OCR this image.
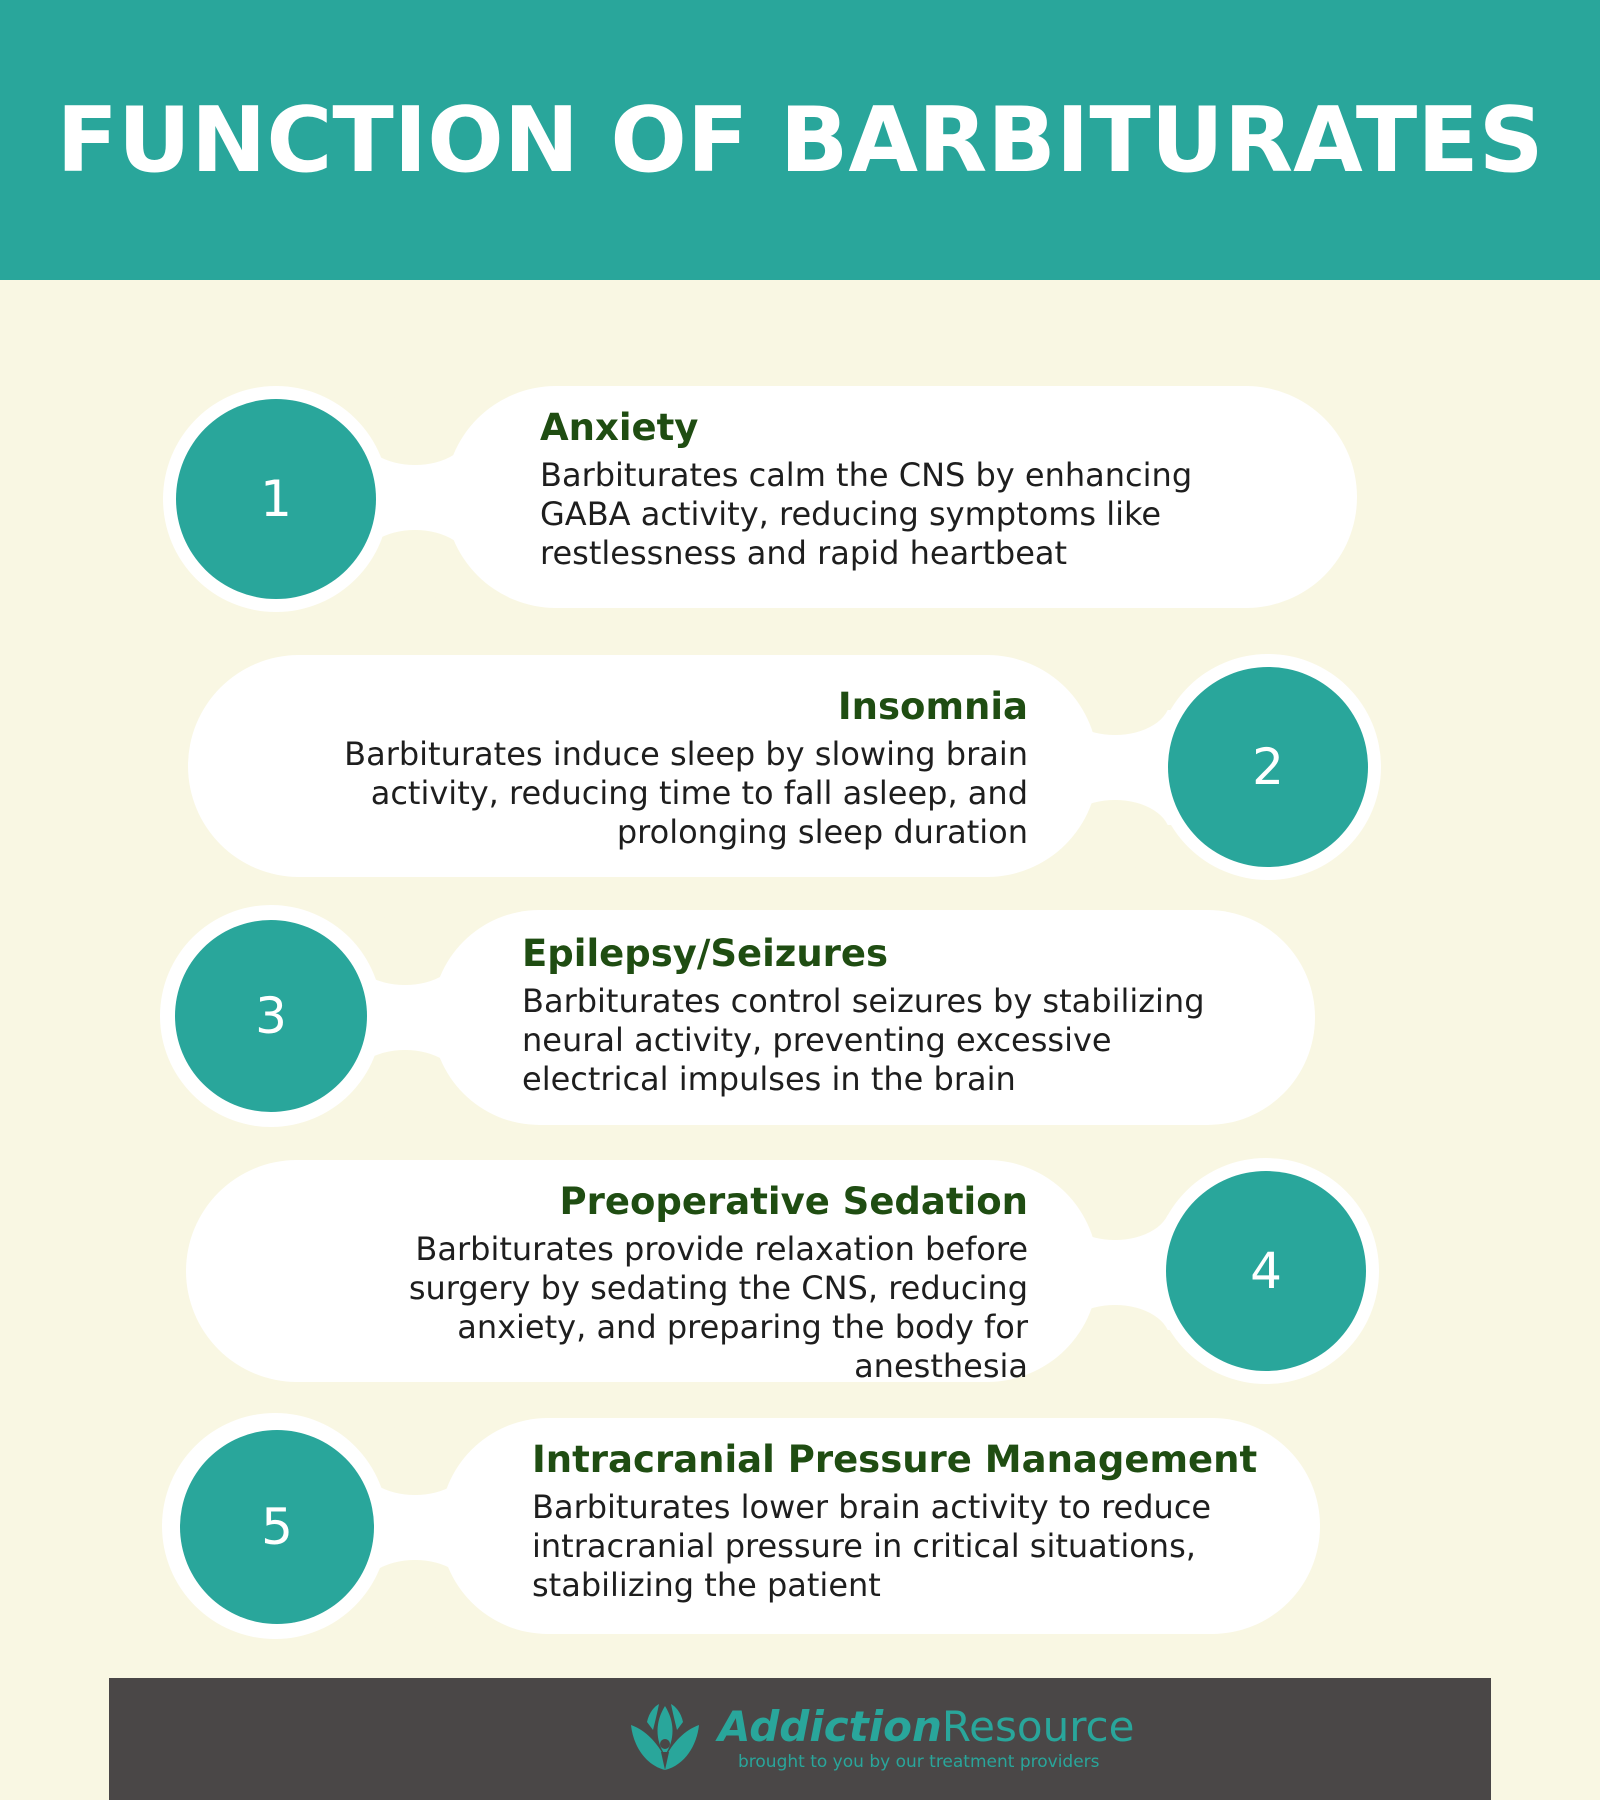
FUNCTION OF BARBITURATES
Anxiety
Barbiturates calm the CNS by enhancing GABA activity, reducing symptoms like restlessness and rapid heartbeat
1
Insomnia
Barbiturates induce sleep by slowing brain activity, reducing time to fall asleep, and prolonging sleep duration
2
Epilepsy/Seizures
Barbiturates control seizures by stabilizing neural activity, preventing excessive electrical impulses in the brain
3
Preoperative Sedation
Barbiturates provide relaxation before surgery by sedating the CNS, reducing anxiety, and preparing the body for anesthesia
4
Intracranial Pressure Management
Barbiturates lower brain activity to reduce intracranial pressure in critical situations, stabilizing the patient
5
AddictionResource
brought to you by our treatment providers
